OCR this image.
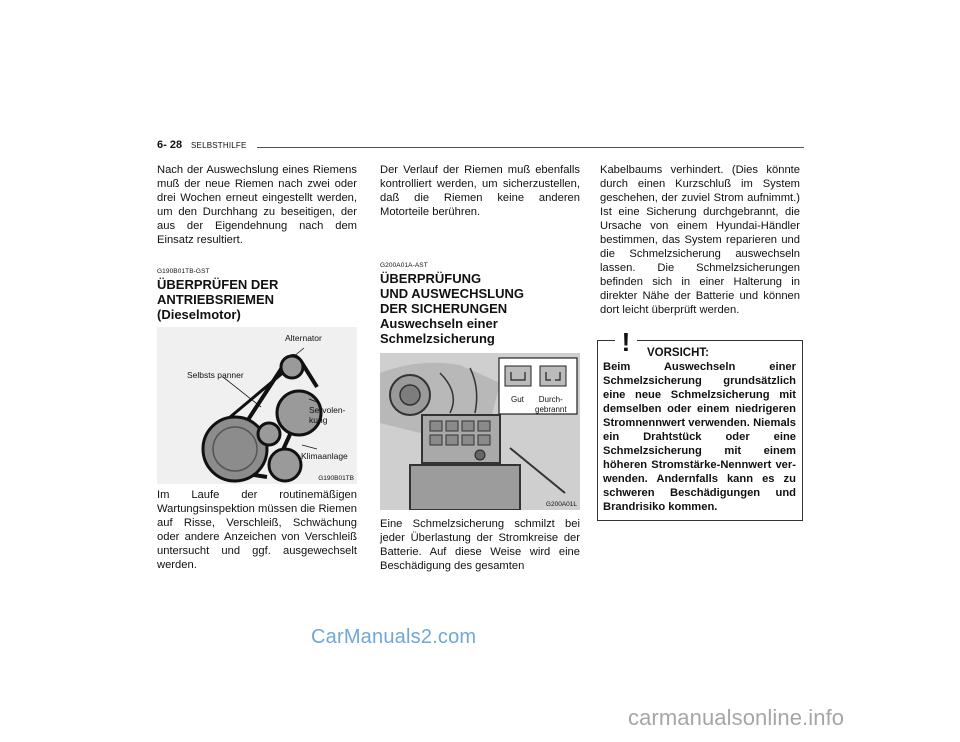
6- 28 SELBSTHILFE

Nach der Auswechslung eines Riemens muß der neue Riemen nach zwei oder drei Wochen erneut eingestellt werden, um den Durchhang zu beseitigen, der aus der Eigendehnung nach dem Einsatz resultiert.

G190B01TB-GST
ÜBERPRÜFEN DER
ANTRIEBSRIEMEN
(Dieselmotor)
Alternator
Selbsts panner
Servolen-
kung
Klimaanlage
G190B01TB

Im Laufe der routinemäßigen Wartungsinspektion müssen die Riemen auf Risse, Verschleiß, Schwächung oder andere Anzeichen von Verschleiß untersucht und ggf. ausgewechselt werden.

Der Verlauf der Riemen muß ebenfalls kontrolliert werden, um sicherzustellen, daß die Riemen keine anderen Motorteile berühren.

G200A01A-AST
ÜBERPRÜFUNG
UND AUSWECHSLUNG
DER SICHERUNGEN
Auswechseln einer
Schmelzsicherung
Gut	Durch-
gebrannt
G200A01L

Eine Schmelzsicherung schmilzt bei jeder Überlastung der Stromkreise der Batterie. Auf diese Weise wird eine Beschädigung des gesamten

Kabelbaums verhindert. (Dies könnte durch einen Kurzschluß im System geschehen, der zuviel Strom aufnimmt.) Ist eine Sicherung durchgebrannt, die Ursache von einem Hyundai-Händler bestimmen, das System reparieren und die Schmelzsicherung auswechseln lassen. Die Schmelzsicherungen befinden sich in einer Halterung in direkter Nähe der Batterie und können dort leicht überprüft werden.

!	VORSICHT:

Beim Auswechseln einer Schmelzsicherung grundsätzlich eine neue Schmelzsicherung mit demselben oder einem niedrigeren Stromnennwert verwenden. Niemals ein Drahtstück oder eine Schmelzsicherung mit einem höheren Stromstärke-Nennwert ver- wenden. Andernfalls kann es zu schweren Beschädigungen und Brandrisiko kommen.

CarManuals2.com
carmanualsonline.info
